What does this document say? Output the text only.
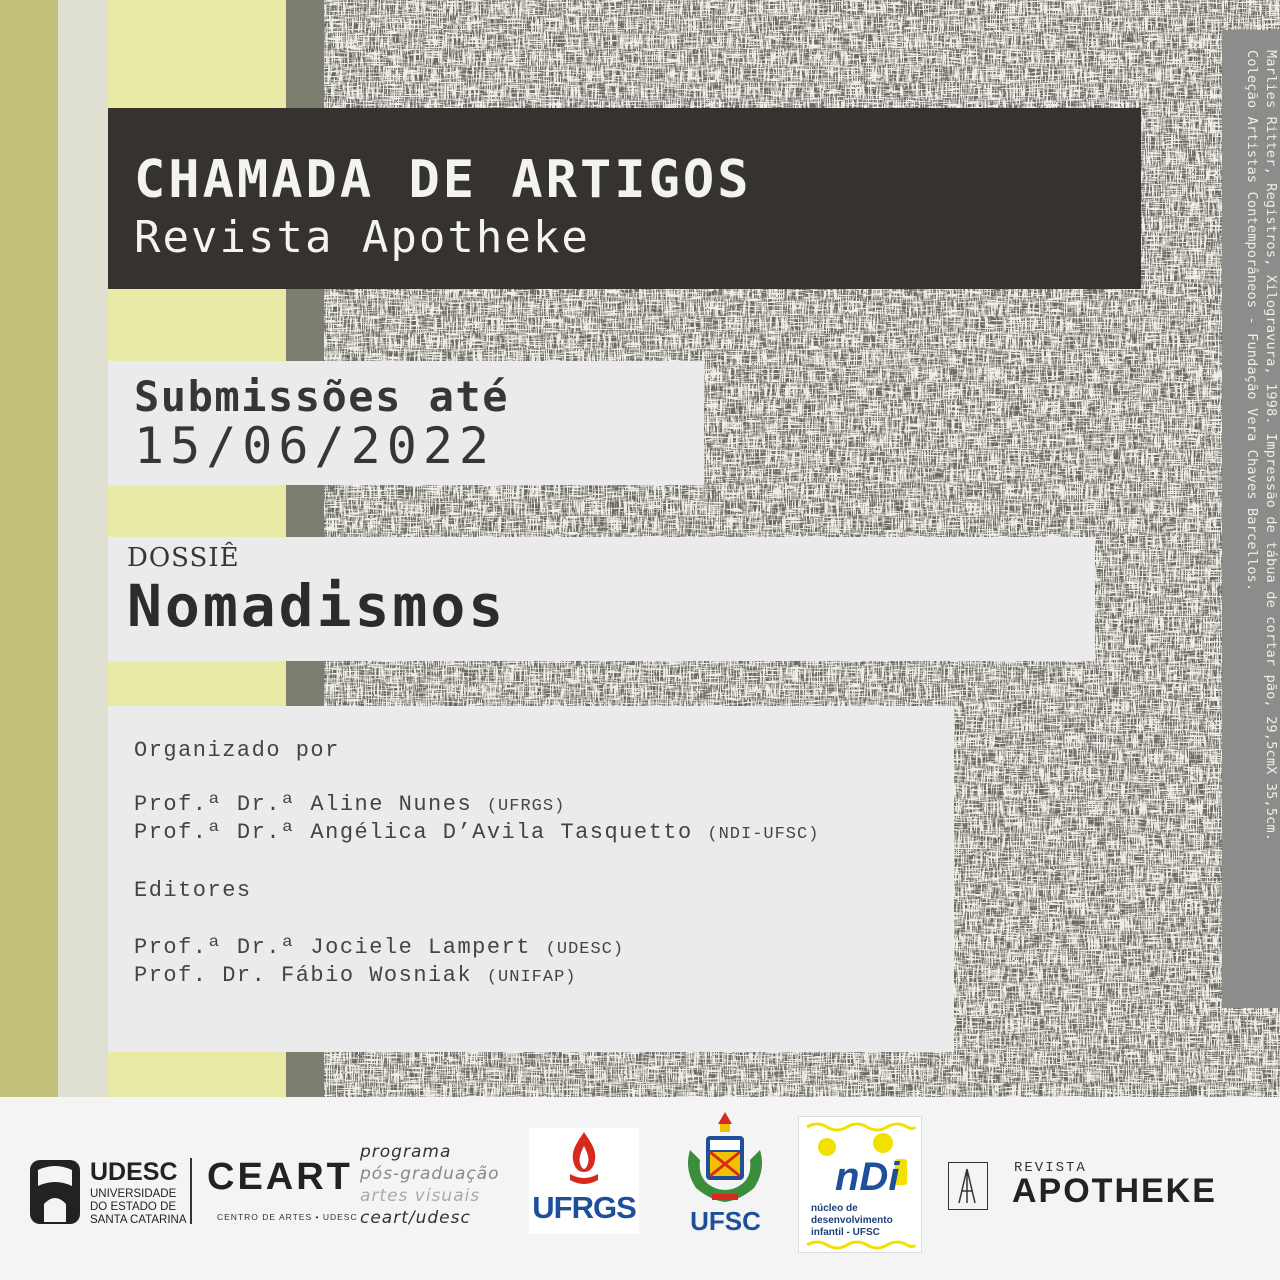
Marlies Ritter, Registros, Xilogravura, 1998. Impressão de tábua de cortar pão, 29,5cmX 35,5cm.
Coleção Artistas Contemporâneos - Fundação Vera Chaves Barcellos.
CHAMADA DE ARTIGOS
Revista Apotheke
Submissões até
15/06/2022
DOSSIÊ
Nomadismos
Organizado por
Prof.ª Dr.ª Aline Nunes (UFRGS)
Prof.ª Dr.ª Angélica D’Avila Tasquetto (NDI-UFSC)
Editores
Prof.ª Dr.ª Jociele Lampert (UDESC)
Prof. Dr. Fábio Wosniak (UNIFAP)
UDESC
UNIVERSIDADE
DO ESTADO DE
SANTA CATARINA
CEART
CENTRO DE ARTES • UDESC
programa
pós-graduação
artes visuais
ceart/udesc UFRGS	UFSC
nDi
núcleo de
desenvolvimento
infantil - UFSC
REVISTA
APOTHEKE
